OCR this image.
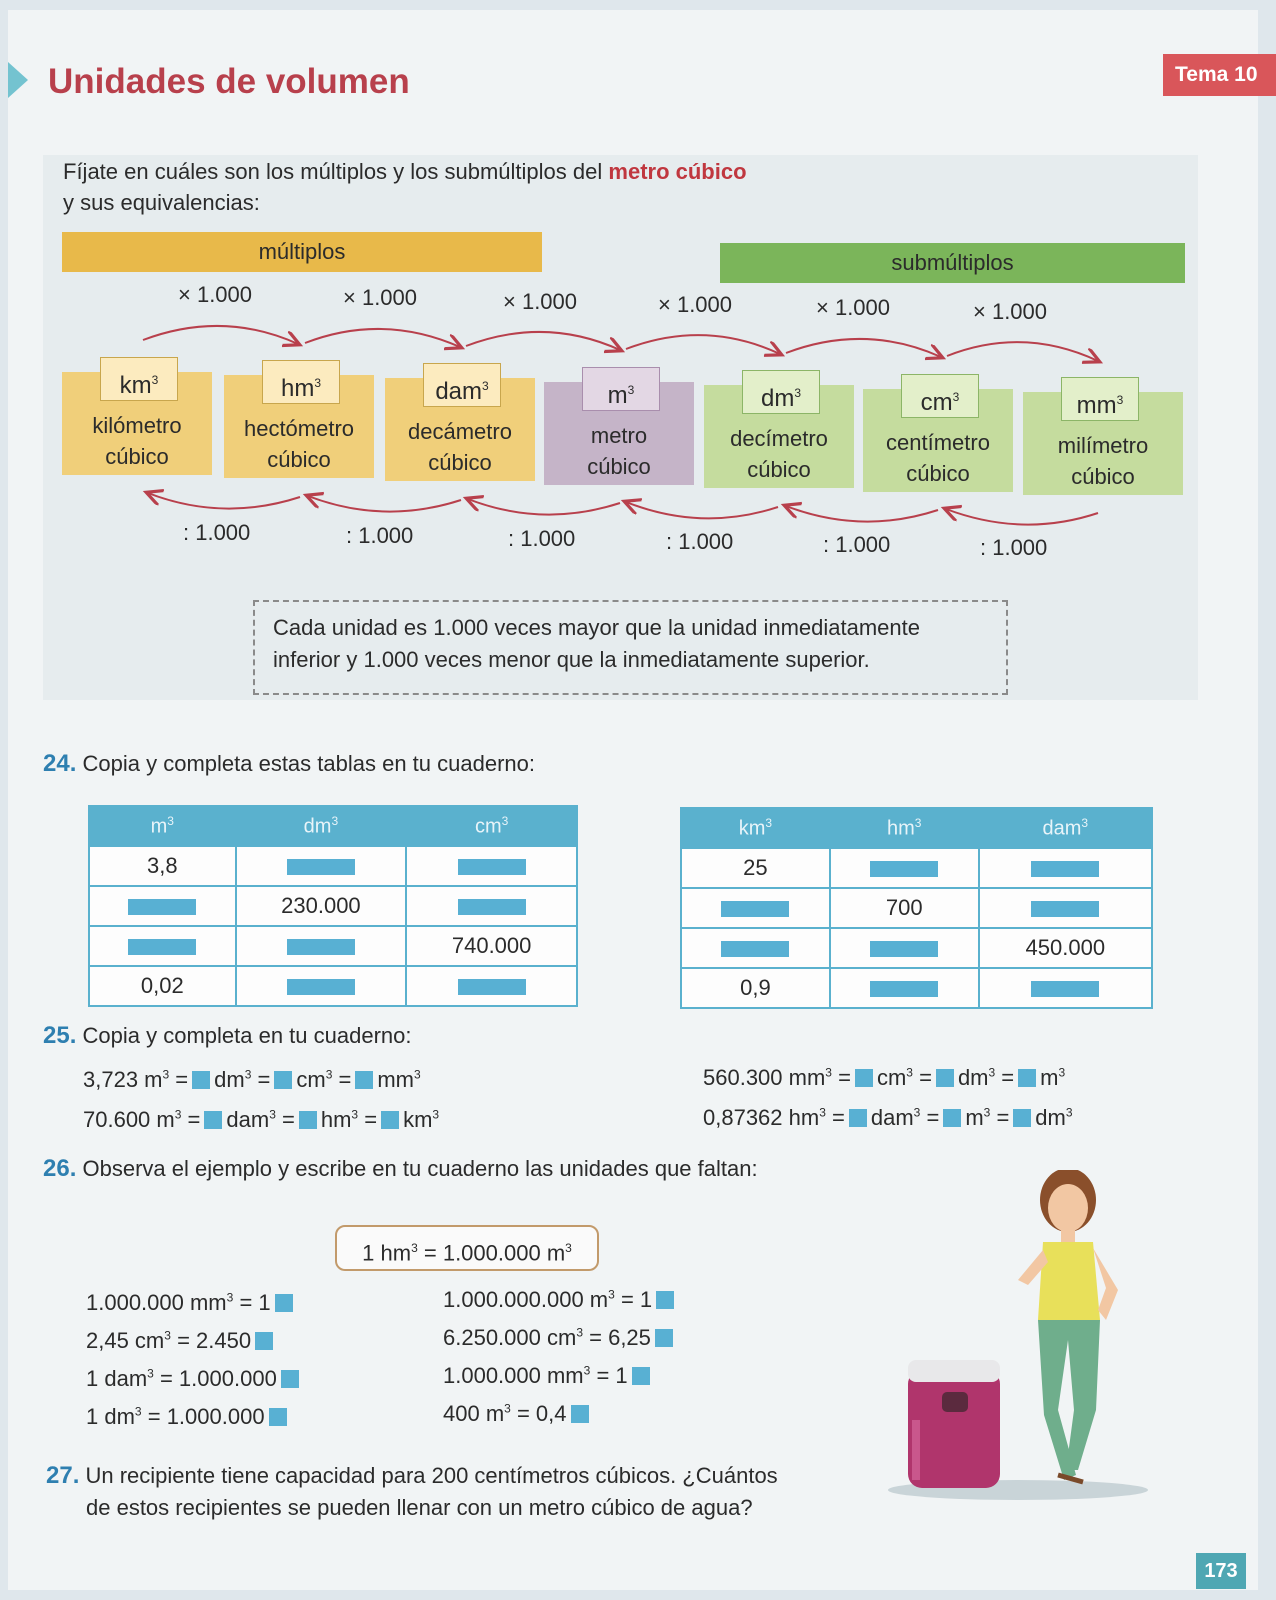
Unidades de volumen	Tema 10
Fíjate en cuáles son los múltiplos y los submúltiplos del metro cúbico
y sus equivalencias:
múltiplos	submúltiplos
× 1.000	× 1.000	× 1.000	× 1.000	× 1.000	× 1.000
$km^3$
kilómetro
cúbico
$hm^3$
hectómetro
cúbico
dam$^3$
decámetro
cúbico
$m^3$
metro
cúbico
$dm^3$
decímetro
cúbico
$cm^3$
centímetro
cúbico
$mm^3$
milímetro
cúbico
: 1.000	: 1.000	: 1.000	: 1.000	: 1.000	: 1.000
Cada unidad es 1.000 veces mayor que la unidad inmediatamente
inferior y 1.000 veces menor que la inmediatamente superior.
24. Copia y completa estas tablas en tu cuaderno:
$m^3$	$dm^3$	$cm^3$
3,8		
	230.000	
		740.000
0,02		
$km^3$	$hm^3$	dam$^3$
25		
	700	
		450.000
0,9		
25. Copia y completa en tu cuaderno:
3,723 $m^3 = dm^3 = cm^3 = mm^3$
70.600 $m^3 = dam^3 = hm^3 = km^3$
560.300 $mm^3 = cm^3 = dm^3 = m^3$
0,87362 $hm^3 = dam^3 = m^3 = dm^3$
26. Observa el ejemplo y escribe en tu cuaderno las unidades que faltan:
1 $hm^3 = 1.000.000$ $m^3$
1.000.000 $mm^3 = 1$
2,45 $cm^3 = 2.450$
1 dam$^3$ = 1.000.000
1 $dm^3 = 1.000.000$
1.000.000.000 $m^3 = 1$
6.250.000 $cm^3 = 6,25$
1.000.000 $mm^3 = 1$
400 $m^3 = 0,4$
27. Un recipiente tiene capacidad para 200 centímetros cúbicos. ¿Cuántos
de estos recipientes se pueden llenar con un metro cúbico de agua?
173
